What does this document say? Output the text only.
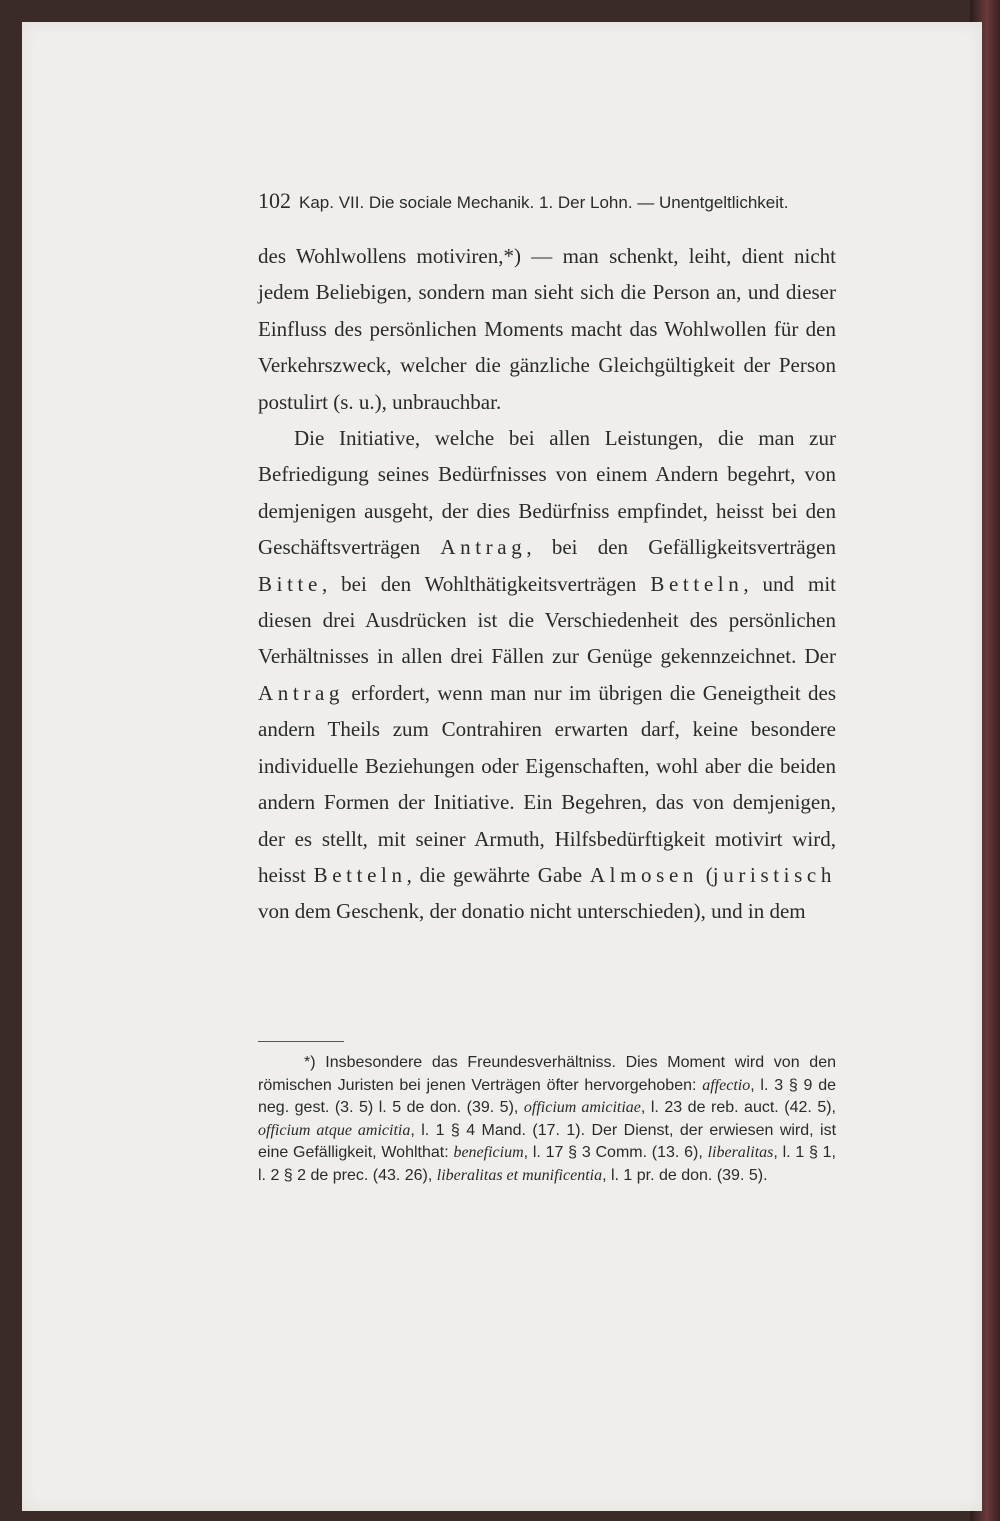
102 Kap. VII. Die sociale Mechanik. 1. Der Lohn. — Unentgeltlichkeit.

des Wohlwollens motiviren,*) — man schenkt, leiht, dient nicht jedem Beliebigen, sondern man sieht sich die Person an, und dieser Einfluss des persönlichen Moments macht das Wohlwollen für den Verkehrszweck, welcher die gänzliche Gleichgültigkeit der Person postulirt (s. u.), unbrauchbar.

Die Initiative, welche bei allen Leistungen, die man zur Befriedigung seines Bedürfnisses von einem Andern begehrt, von demjenigen ausgeht, der dies Bedürfniss empfindet, heisst bei den Geschäftsverträgen Antrag, bei den Gefälligkeitsverträgen Bitte, bei den Wohlthätigkeitsverträgen Betteln, und mit diesen drei Ausdrücken ist die Verschiedenheit des persönlichen Verhältnisses in allen drei Fällen zur Genüge gekennzeichnet. Der Antrag erfordert, wenn man nur im übrigen die Geneigtheit des andern Theils zum Contrahiren erwarten darf, keine besondere individuelle Beziehungen oder Eigenschaften, wohl aber die beiden andern Formen der Initiative. Ein Begehren, das von demjenigen, der es stellt, mit seiner Armuth, Hilfsbedürftigkeit motivirt wird, heisst Betteln, die gewährte Gabe Almosen (juristisch von dem Geschenk, der donatio nicht unterschieden), und in dem

*) Insbesondere das Freundesverhältniss. Dies Moment wird von den römischen Juristen bei jenen Verträgen öfter hervorgehoben: affectio, l. 3 § 9 de neg. gest. (3. 5) l. 5 de don. (39. 5), officium amicitiae, l. 23 de reb. auct. (42. 5), officium atque amicitia, l. 1 § 4 Mand. (17. 1). Der Dienst, der erwiesen wird, ist eine Gefälligkeit, Wohlthat: beneficium, l. 17 § 3 Comm. (13. 6), liberalitas, l. 1 § 1, l. 2 § 2 de prec. (43. 26), liberalitas et munificentia, l. 1 pr. de don. (39. 5).
